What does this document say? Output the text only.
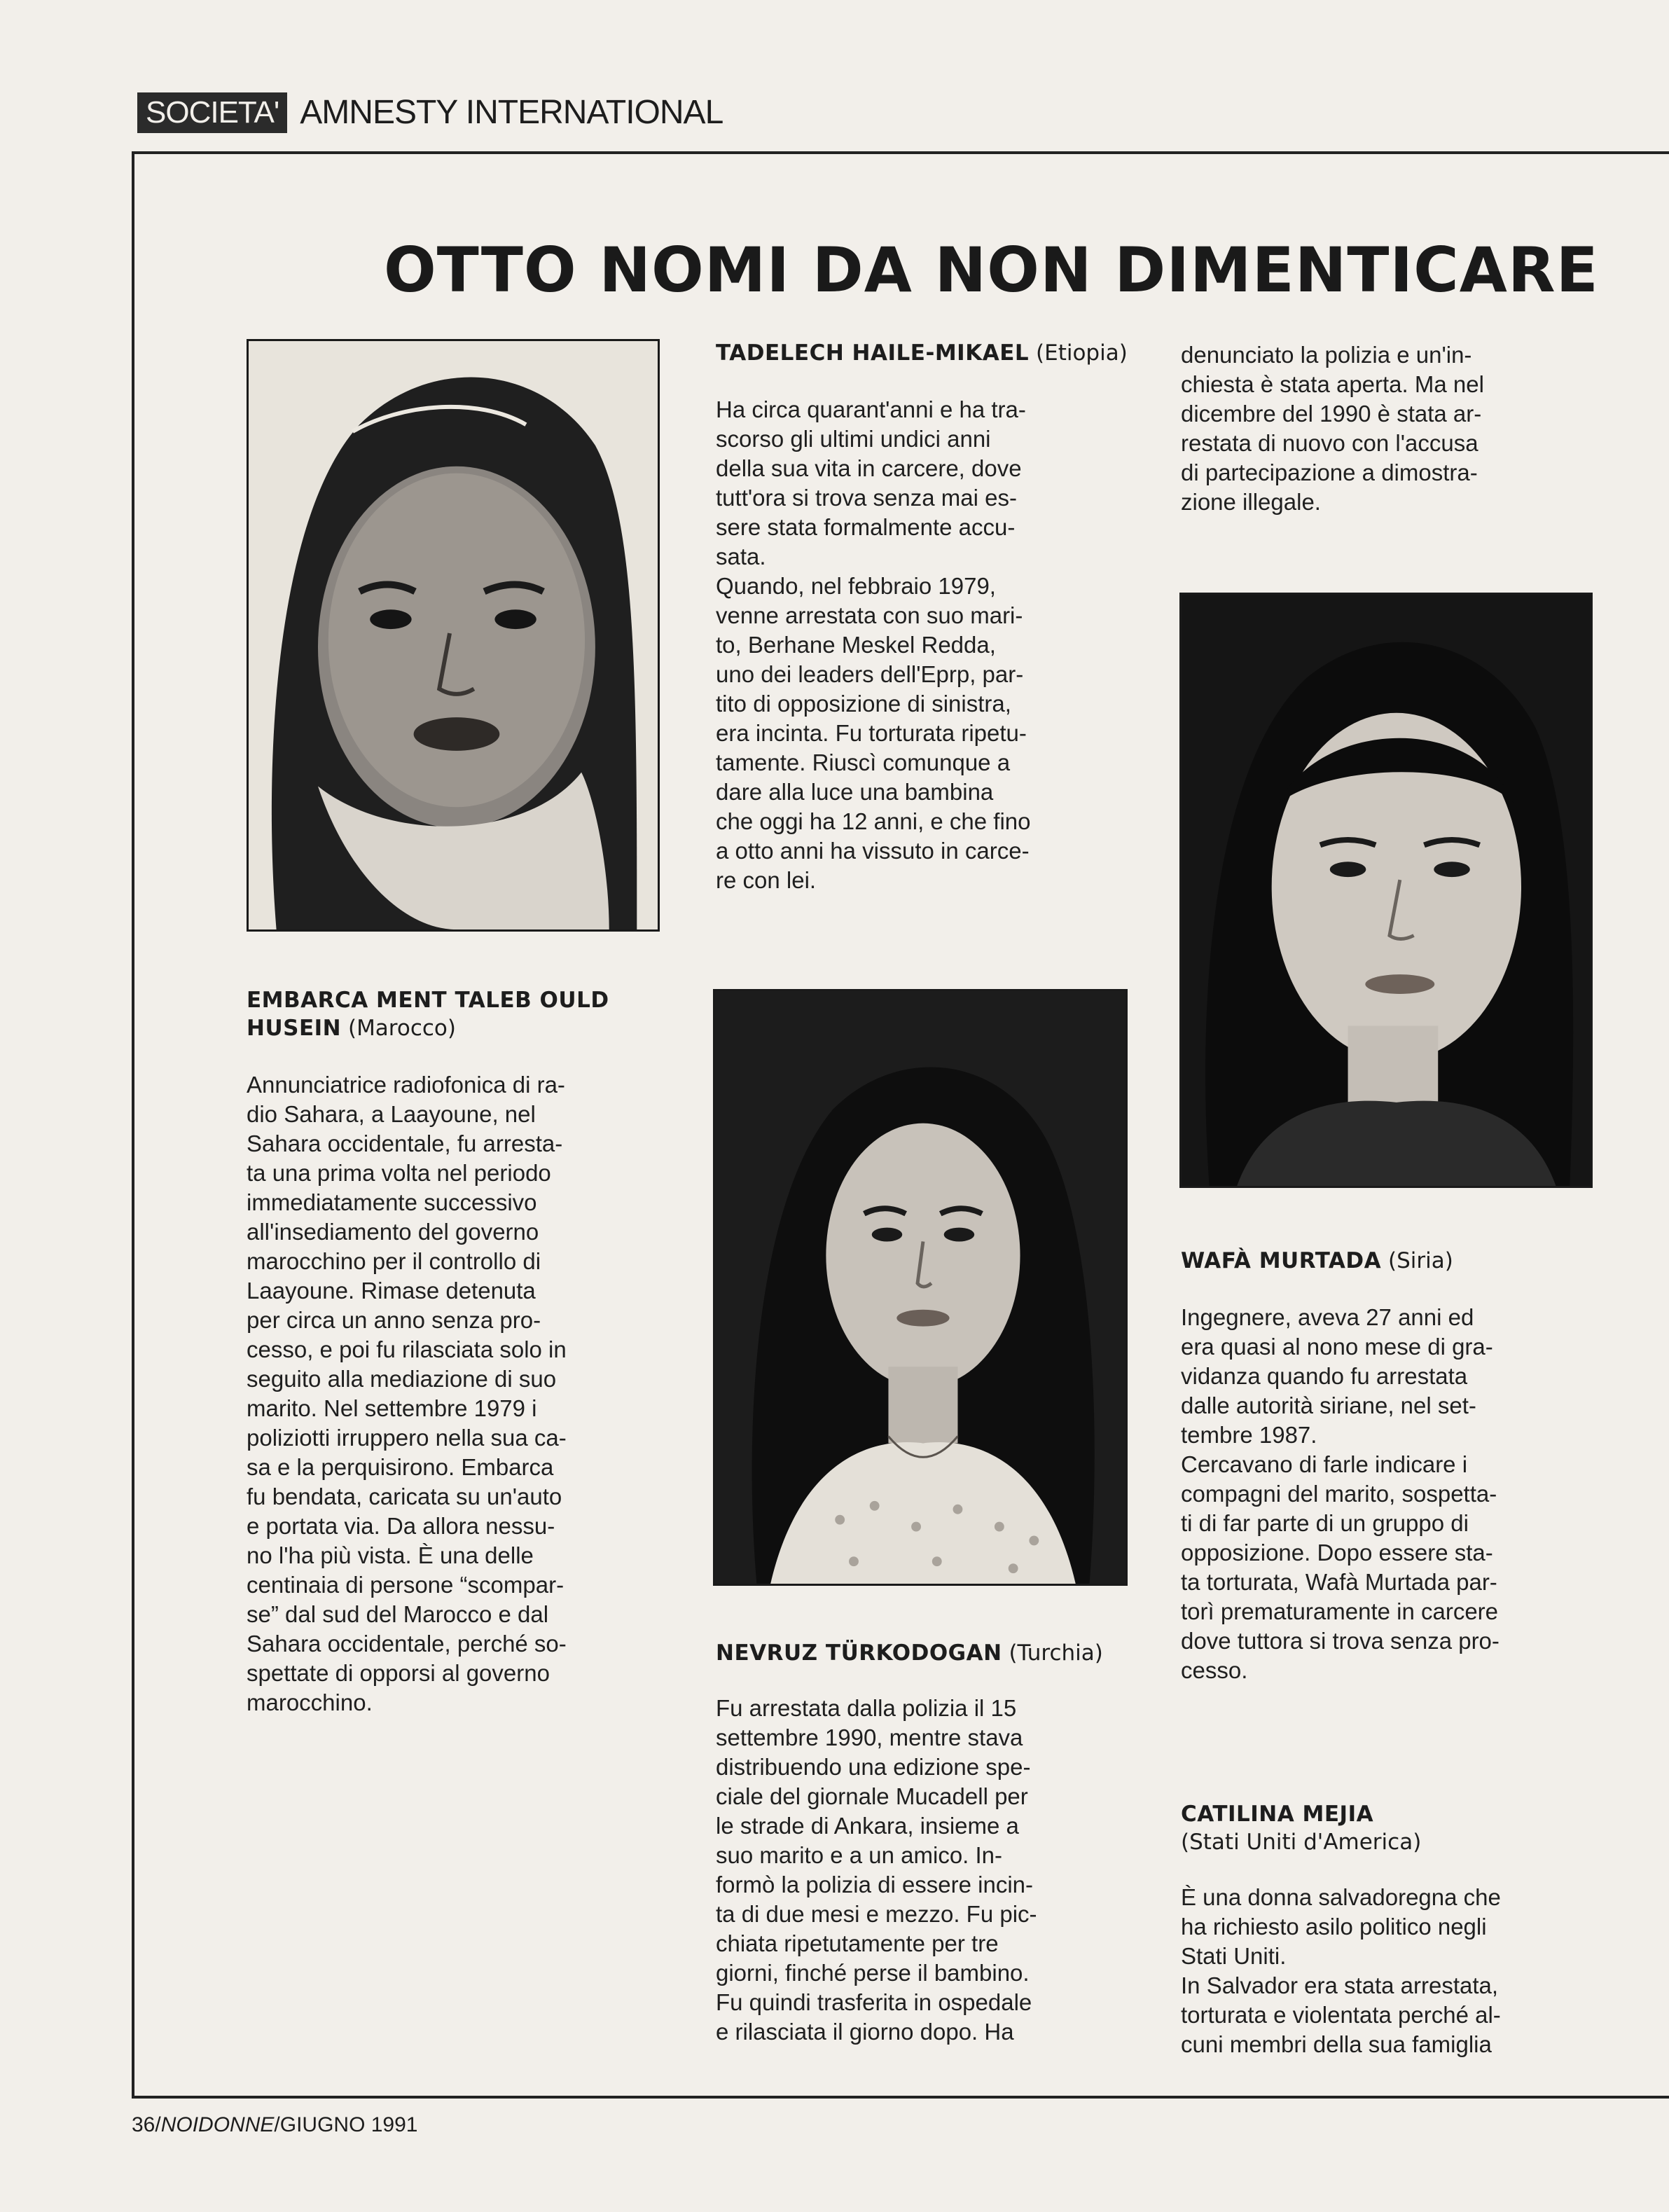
SOCIETA' AMNESTY INTERNATIONAL
OTTO NOMI DA NON DIMENTICARE
EMBARCA MENT TALEB OULD
HUSEIN (Marocco)
Annunciatrice radiofonica di ra-
dio Sahara, a Laayoune, nel
Sahara occidentale, fu arresta-
ta una prima volta nel periodo
immediatamente successivo
all'insediamento del governo
marocchino per il controllo di
Laayoune. Rimase detenuta
per circa un anno senza pro-
cesso, e poi fu rilasciata solo in
seguito alla mediazione di suo
marito. Nel settembre 1979 i
poliziotti irruppero nella sua ca-
sa e la perquisirono. Embarca
fu bendata, caricata su un'auto
e portata via. Da allora nessu-
no l'ha più vista. È una delle
centinaia di persone “scompar-
se” dal sud del Marocco e dal
Sahara occidentale, perché so-
spettate di opporsi al governo
marocchino.
TADELECH HAILE-MIKAEL (Etiopia)
Ha circa quarant'anni e ha tra-
scorso gli ultimi undici anni
della sua vita in carcere, dove
tutt'ora si trova senza mai es-
sere stata formalmente accu-
sata.
Quando, nel febbraio 1979,
venne arrestata con suo mari-
to, Berhane Meskel Redda,
uno dei leaders dell'Eprp, par-
tito di opposizione di sinistra,
era incinta. Fu torturata ripetu-
tamente. Riuscì comunque a
dare alla luce una bambina
che oggi ha 12 anni, e che fino
a otto anni ha vissuto in carce-
re con lei.
NEVRUZ TÜRKODOGAN (Turchia)
Fu arrestata dalla polizia il 15
settembre 1990, mentre stava
distribuendo una edizione spe-
ciale del giornale Mucadell per
le strade di Ankara, insieme a
suo marito e a un amico. In-
formò la polizia di essere incin-
ta di due mesi e mezzo. Fu pic-
chiata ripetutamente per tre
giorni, finché perse il bambino.
Fu quindi trasferita in ospedale
e rilasciata il giorno dopo. Ha
denunciato la polizia e un'in-
chiesta è stata aperta. Ma nel
dicembre del 1990 è stata ar-
restata di nuovo con l'accusa
di partecipazione a dimostra-
zione illegale.
WAFÀ MURTADA (Siria)
Ingegnere, aveva 27 anni ed
era quasi al nono mese di gra-
vidanza quando fu arrestata
dalle autorità siriane, nel set-
tembre 1987.
Cercavano di farle indicare i
compagni del marito, sospetta-
ti di far parte di un gruppo di
opposizione. Dopo essere sta-
ta torturata, Wafà Murtada par-
torì prematuramente in carcere
dove tuttora si trova senza pro-
cesso.
CATILINA MEJIA
(Stati Uniti d'America)
È una donna salvadoregna che
ha richiesto asilo politico negli
Stati Uniti.
In Salvador era stata arrestata,
torturata e violentata perché al-
cuni membri della sua famiglia
36/NOIDONNE/GIUGNO 1991
